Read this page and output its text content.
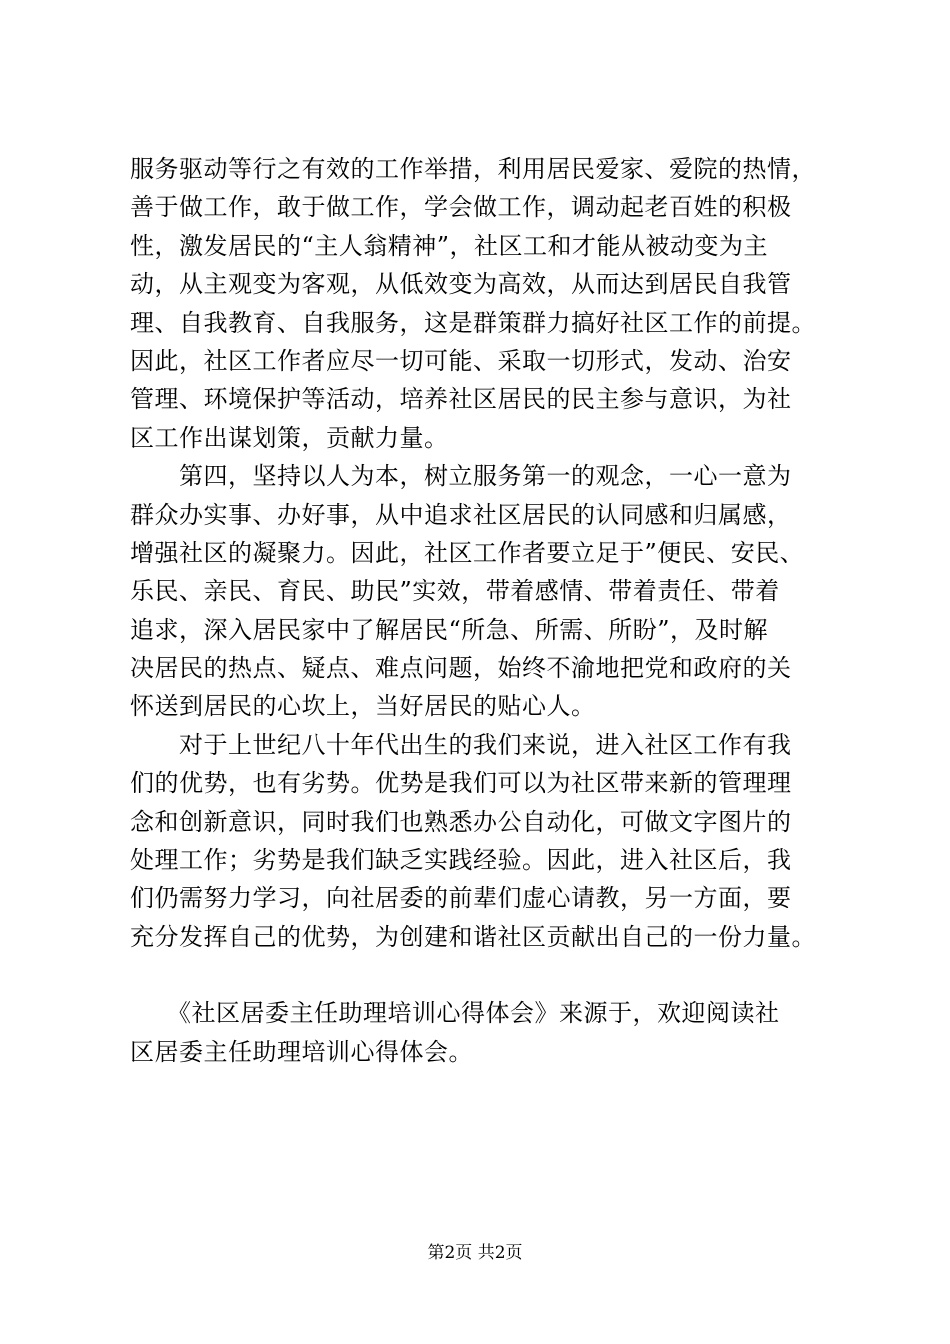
服务驱动等行之有效的工作举措，利用居民爱家、爱院的热情，
善于做工作，敢于做工作，学会做工作，调动起老百姓的积极
性，激发居民的“主人翁精神”，社区工和才能从被动变为主
动，从主观变为客观，从低效变为高效，从而达到居民自我管
理、自我教育、自我服务，这是群策群力搞好社区工作的前提。
因此，社区工作者应尽一切可能、采取一切形式，发动、治安
管理、环境保护等活动，培养社区居民的民主参与意识，为社
区工作出谋划策，贡献力量。
　　第四，坚持以人为本，树立服务第一的观念，一心一意为
群众办实事、办好事，从中追求社区居民的认同感和归属感，
增强社区的凝聚力。因此，社区工作者要立足于”便民、安民、
乐民、亲民、育民、助民”实效，带着感情、带着责任、带着
追求，深入居民家中了解居民“所急、所需、所盼”，及时解
决居民的热点、疑点、难点问题，始终不渝地把党和政府的关
怀送到居民的心坎上，当好居民的贴心人。
　　对于上世纪八十年代出生的我们来说，进入社区工作有我
们的优势，也有劣势。优势是我们可以为社区带来新的管理理
念和创新意识，同时我们也熟悉办公自动化，可做文字图片的
处理工作；劣势是我们缺乏实践经验。因此，进入社区后，我
们仍需努力学习，向社居委的前辈们虚心请教，另一方面，要
充分发挥自己的优势，为创建和谐社区贡献出自己的一份力量。
　　《社区居委主任助理培训心得体会》来源于，欢迎阅读社
区居委主任助理培训心得体会。
第2页 共2页
